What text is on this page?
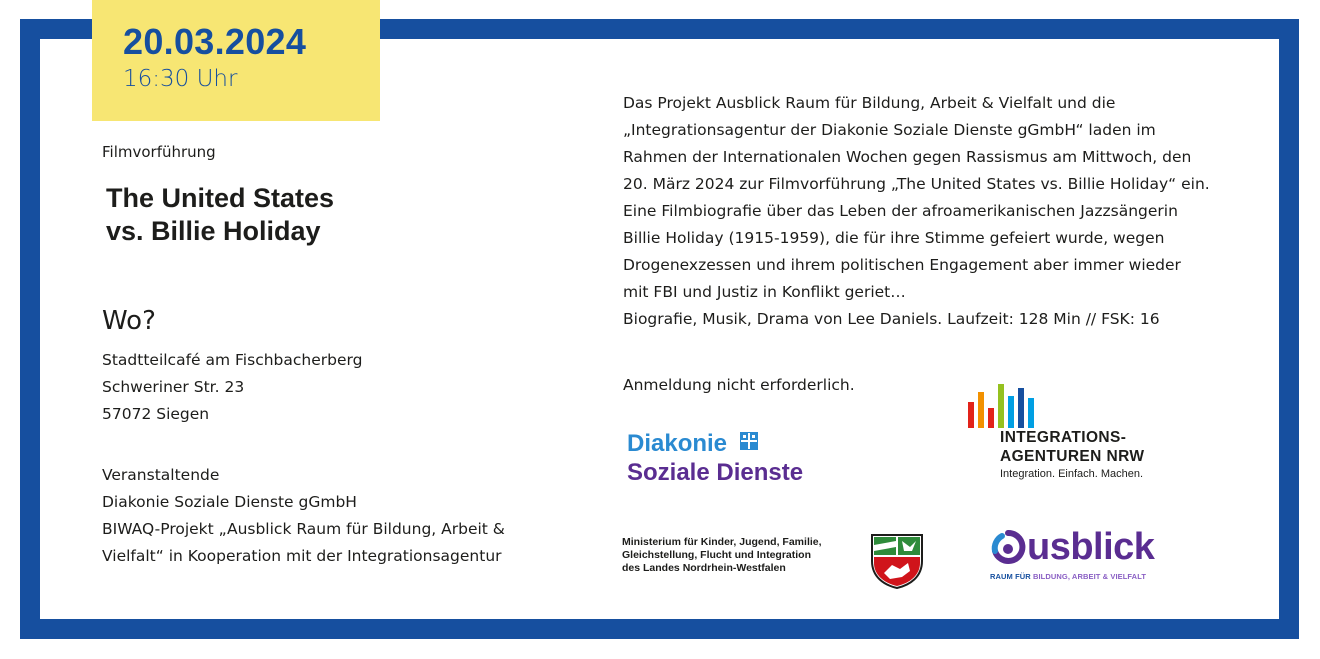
20.03.2024
16:30 Uhr
Filmvorführung
The United States
vs. Billie Holiday
Wo?
Stadtteilcafé am Fischbacherberg
Schweriner Str. 23
57072 Siegen
Veranstaltende
Diakonie Soziale Dienste gGmbH
BIWAQ-Projekt „Ausblick Raum für Bildung, Arbeit &
Vielfalt“ in Kooperation mit der Integrationsagentur
Das Projekt Ausblick Raum für Bildung, Arbeit & Vielfalt und die
„Integrationsagentur der Diakonie Soziale Dienste gGmbH“ laden im
Rahmen der Internationalen Wochen gegen Rassismus am Mittwoch, den
20. März 2024 zur Filmvorführung „The United States vs. Billie Holiday“ ein.
Eine Filmbiografie über das Leben der afroamerikanischen Jazzsängerin
Billie Holiday (1915-1959), die für ihre Stimme gefeiert wurde, wegen
Drogenexzessen und ihrem politischen Engagement aber immer wieder
mit FBI und Justiz in Konflikt geriet…
Biografie, Musik, Drama von Lee Daniels. Laufzeit: 128 Min // FSK: 16
Anmeldung nicht erforderlich.
Diakonie
Soziale Dienste
INTEGRATIONS-
AGENTUREN NRW
Integration. Einfach. Machen.
Ministerium für Kinder, Jugend, Familie,
Gleichstellung, Flucht und Integration
des Landes Nordrhein-Westfalen	usblick
RAUM FÜR BILDUNG, ARBEIT & VIELFALT
